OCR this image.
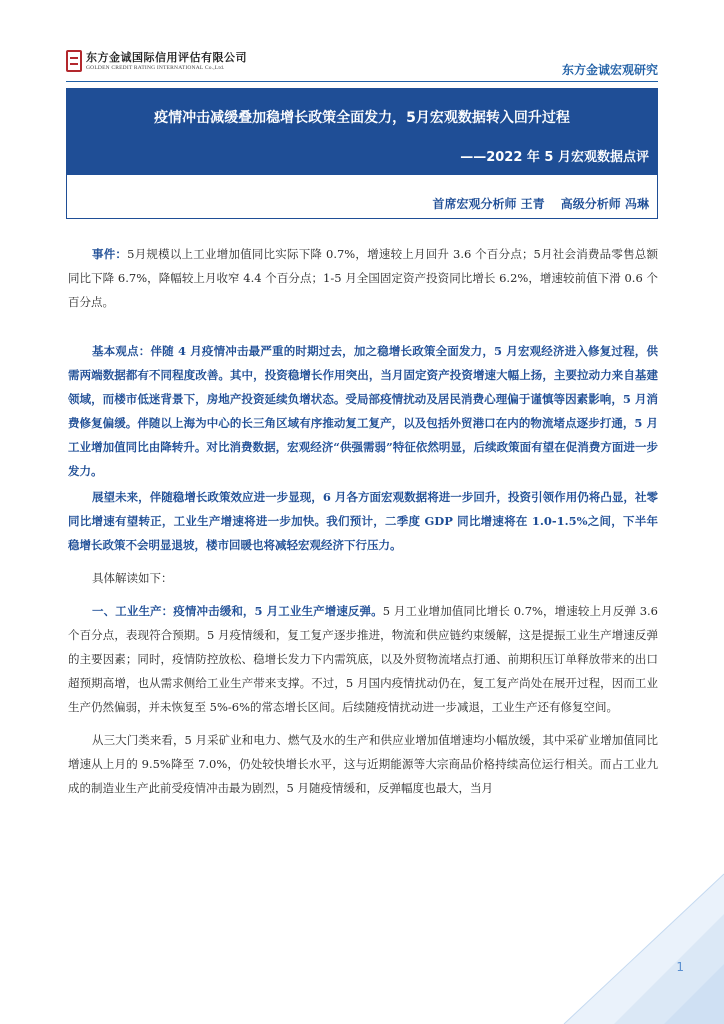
东方金诚国际信用评估有限公司
GOLDEN CREDIT RATING INTERNATIONAL Co.,Ltd.	东方金诚宏观研究
疫情冲击减缓叠加稳增长政策全面发力，5月宏观数据转入回升过程
——2022 年 5 月宏观数据点评
首席宏观分析师 王青　 高级分析师 冯琳

事件：5月规模以上工业增加值同比实际下降 0.7%，增速较上月回升 3.6 个百分点；5月社会消费品零售总额同比下降 6.7%，降幅较上月收窄 4.4 个百分点；1-5 月全国固定资产投资同比增长 6.2%，增速较前值下滑 0.6 个百分点。

基本观点：伴随 4 月疫情冲击最严重的时期过去，加之稳增长政策全面发力，5 月宏观经济进入修复过程，供需两端数据都有不同程度改善。其中，投资稳增长作用突出，当月固定资产投资增速大幅上扬，主要拉动力来自基建领域，而楼市低迷背景下，房地产投资延续负增状态。受局部疫情扰动及居民消费心理偏于谨慎等因素影响，5 月消费修复偏缓。伴随以上海为中心的长三角区域有序推动复工复产，以及包括外贸港口在内的物流堵点逐步打通，5 月工业增加值同比由降转升。对比消费数据，宏观经济“供强需弱”特征依然明显，后续政策面有望在促消费方面进一步发力。

展望未来，伴随稳增长政策效应进一步显现，6 月各方面宏观数据将进一步回升，投资引领作用仍将凸显，社零同比增速有望转正，工业生产增速将进一步加快。我们预计，二季度 GDP 同比增速将在 1.0-1.5%之间，下半年稳增长政策不会明显退坡，楼市回暖也将减轻宏观经济下行压力。

具体解读如下：

一、工业生产：疫情冲击缓和，5 月工业生产增速反弹。5 月工业增加值同比增长 0.7%，增速较上月反弹 3.6 个百分点，表现符合预期。5 月疫情缓和，复工复产逐步推进，物流和供应链约束缓解，这是提振工业生产增速反弹的主要因素；同时，疫情防控放松、稳增长发力下内需筑底，以及外贸物流堵点打通、前期积压订单释放带来的出口超预期高增，也从需求侧给工业生产带来支撑。不过，5 月国内疫情扰动仍在，复工复产尚处在展开过程，因而工业生产仍然偏弱，并未恢复至 5%-6%的常态增长区间。后续随疫情扰动进一步减退，工业生产还有修复空间。

从三大门类来看，5 月采矿业和电力、燃气及水的生产和供应业增加值增速均小幅放缓，其中采矿业增加值同比增速从上月的 9.5%降至 7.0%，仍处较快增长水平，这与近期能源等大宗商品价格持续高位运行相关。而占工业九成的制造业生产此前受疫情冲击最为剧烈，5 月随疫情缓和，反弹幅度也最大，当月

1
